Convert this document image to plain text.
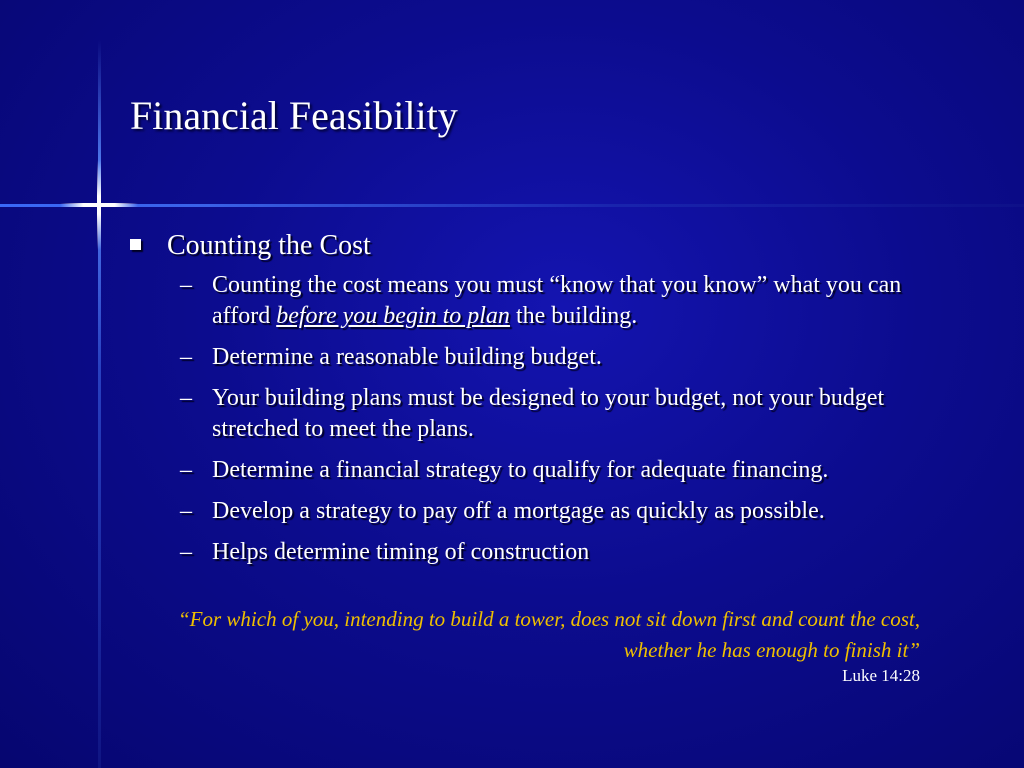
Financial Feasibility
Counting the Cost
– Counting the cost means you must “know that you know” what you can afford before you begin to plan the building.
– Determine a reasonable building budget.
– Your building plans must be designed to your budget, not your budget stretched to meet the plans.
– Determine a financial strategy to qualify for adequate financing.
– Develop a strategy to pay off a mortgage as quickly as possible.
– Helps determine timing of construction
“For which of you, intending to build a tower, does not sit down first and count the cost, whether he has enough to finish it”
Luke 14:28
